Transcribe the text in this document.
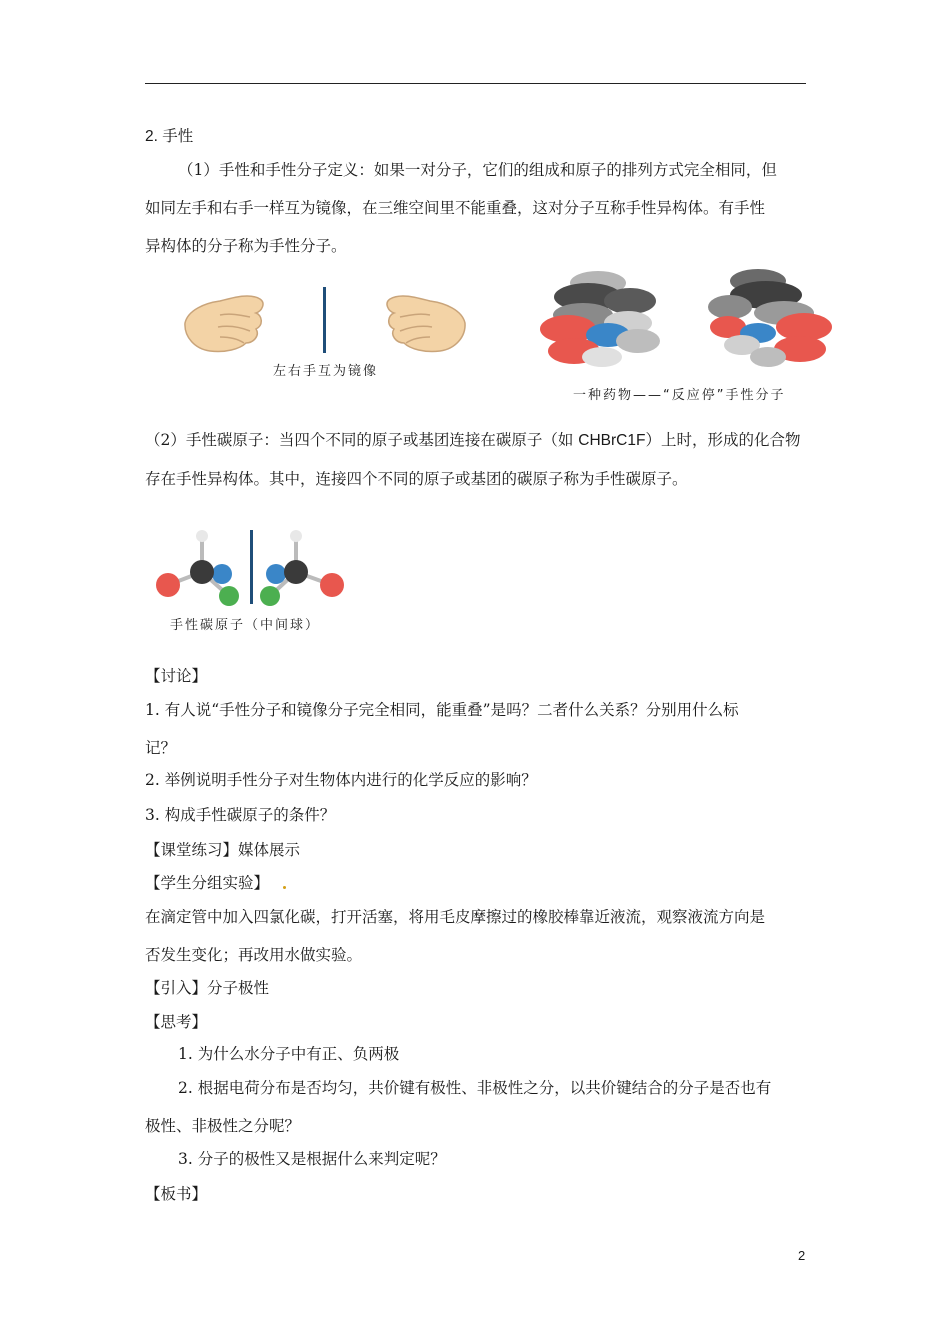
2. 手性
（1）手性和手性分子定义：如果一对分子，它们的组成和原子的排列方式完全相同，但
如同左手和右手一样互为镜像，在三维空间里不能重叠，这对分子互称手性异构体。有手性
异构体的分子称为手性分子。
左右手互为镜像
一种药物——“反应停”手性分子
（2）手性碳原子：当四个不同的原子或基团连接在碳原子（如 CHBrC1F）上时，形成的化合物
存在手性异构体。其中，连接四个不同的原子或基团的碳原子称为手性碳原子。
手性碳原子（中间球）
【讨论】
1. 有人说“手性分子和镜像分子完全相同，能重叠”是吗？二者什么关系？分别用什么标
记？
2. 举例说明手性分子对生物体内进行的化学反应的影响？
3. 构成手性碳原子的条件？
【课堂练习】媒体展示
【学生分组实验】
在滴定管中加入四氯化碳，打开活塞，将用毛皮摩擦过的橡胶棒靠近液流，观察液流方向是
否发生变化；再改用水做实验。
【引入】分子极性
【思考】
1. 为什么水分子中有正、负两极
2. 根据电荷分布是否均匀，共价键有极性、非极性之分，以共价键结合的分子是否也有
极性、非极性之分呢？
3. 分子的极性又是根据什么来判定呢？
【板书】
2
